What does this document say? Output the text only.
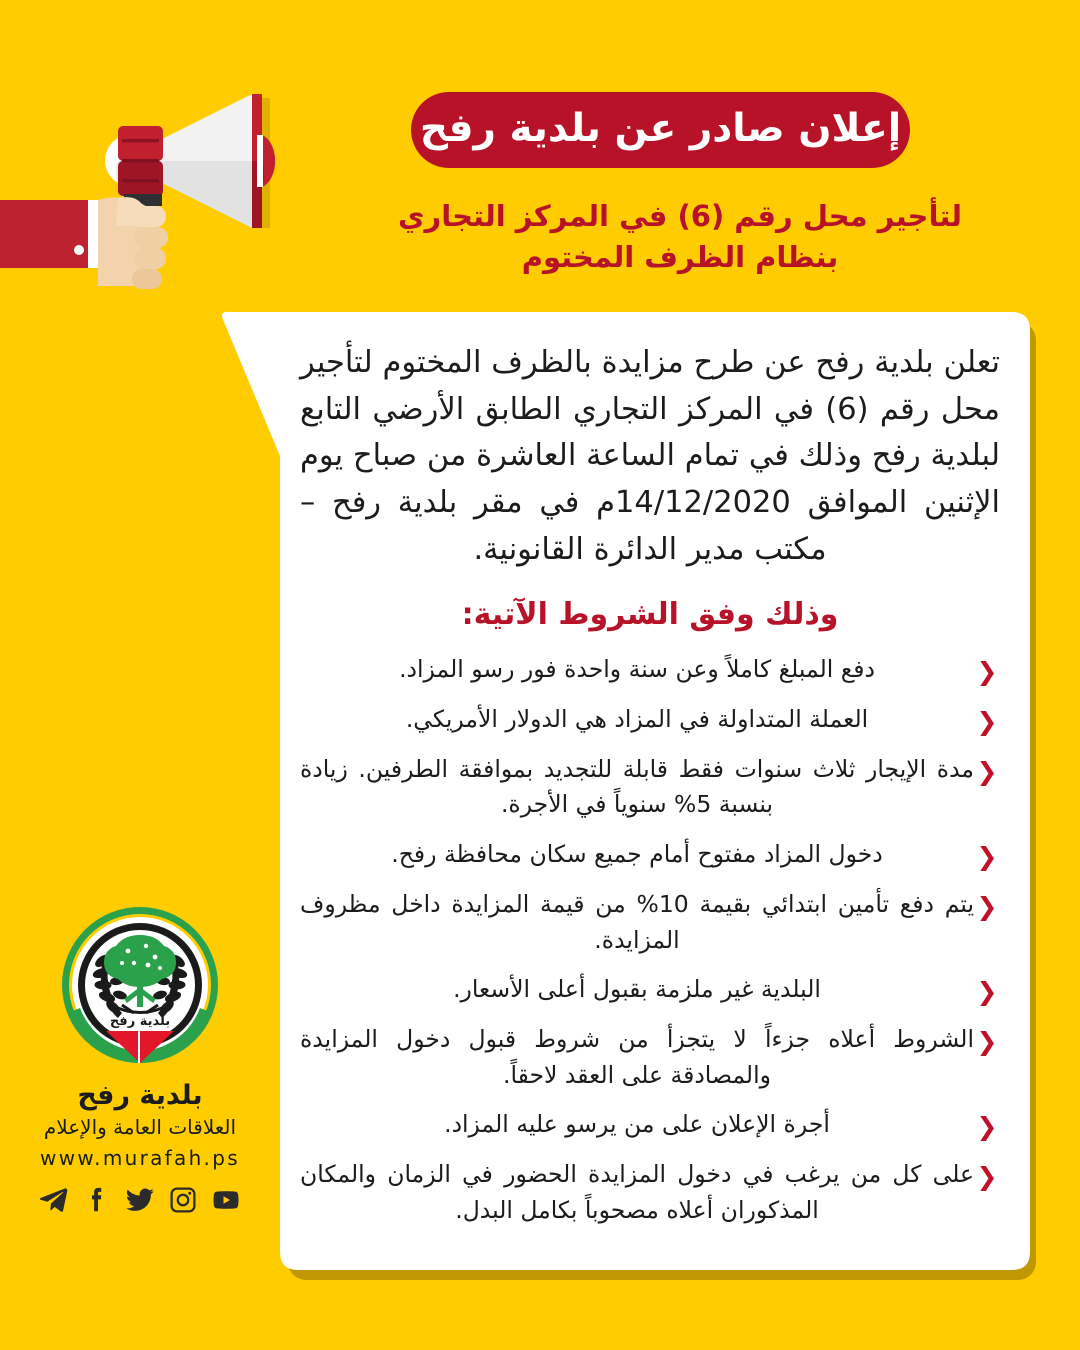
إعلان صادر عن بلدية رفح
لتأجير محل رقم (6) في المركز التجاري
بنظام الظرف المختوم

تعلن بلدية رفح عن طرح مزايدة بالظرف المختوم لتأجير محل رقم (6) في المركز التجاري الطابق الأرضي التابع لبلدية رفح وذلك في تمام الساعة العاشرة من صباح يوم الإثنين الموافق 14/12/2020م في مقر بلدية رفح – مكتب مدير الدائرة القانونية.

وذلك وفق الشروط الآتية:
❮
دفع المبلغ كاملاً وعن سنة واحدة فور رسو المزاد.
❮
العملة المتداولة في المزاد هي الدولار الأمريكي.
❮
مدة الإيجار ثلاث سنوات فقط قابلة للتجديد بموافقة الطرفين. زيادة بنسبة 5% سنوياً في الأجرة.
❮
دخول المزاد مفتوح أمام جميع سكان محافظة رفح.
❮
يتم دفع تأمين ابتدائي بقيمة 10% من قيمة المزايدة داخل مظروف المزايدة.
❮
البلدية غير ملزمة بقبول أعلى الأسعار.
❮
الشروط أعلاه جزءاً لا يتجزأ من شروط قبول دخول المزايدة والمصادقة على العقد لاحقاً.
❮
أجرة الإعلان على من يرسو عليه المزاد.
❮
على كل من يرغب في دخول المزايدة الحضور في الزمان والمكان المذكوران أعلاه مصحوباً بكامل البدل.
بلدية رفح
بلدية رفح
العلاقات العامة والإعلام
www.murafah.ps
